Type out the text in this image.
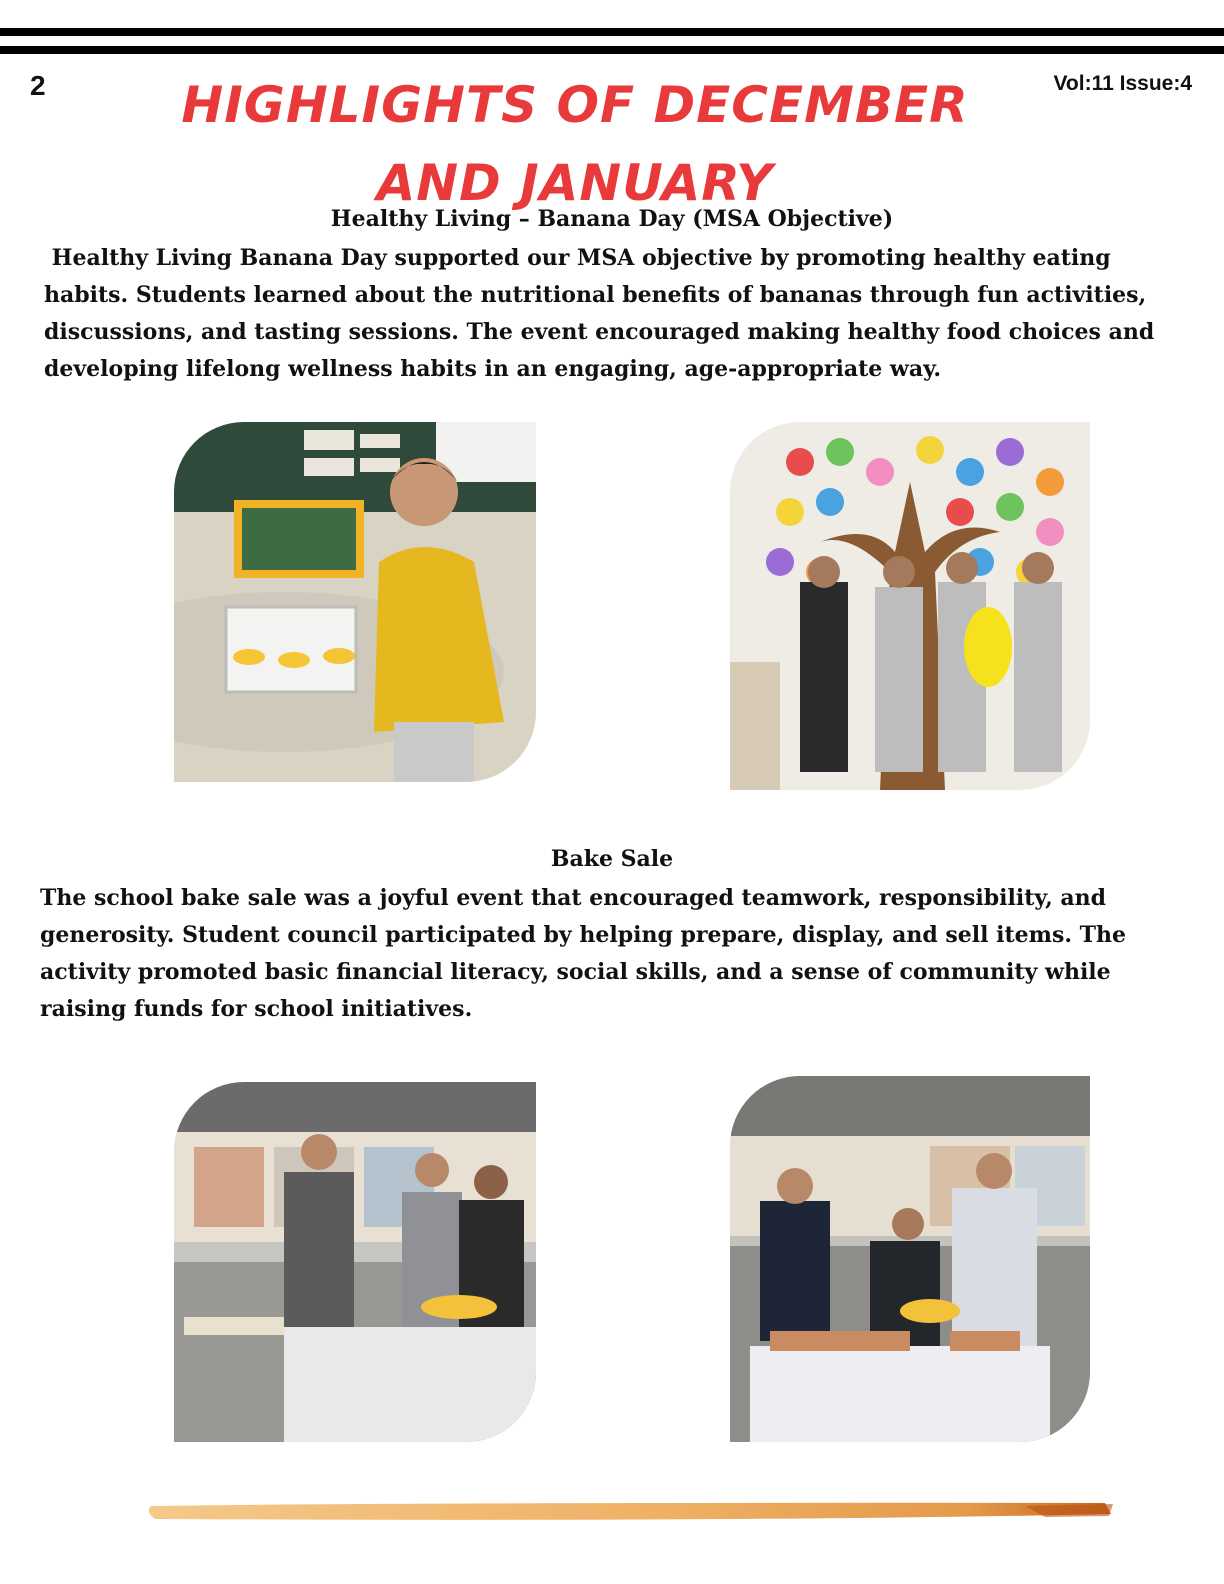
2	Vol:11 Issue:4
HIGHLIGHTS OF DECEMBER AND JANUARY
Healthy Living – Banana Day (MSA Objective)

Healthy Living Banana Day supported our MSA objective by promoting healthy eating habits. Students learned about the nutritional benefits of bananas through fun activities, discussions, and tasting sessions. The event encouraged making healthy food choices and developing lifelong wellness habits in an engaging, age-appropriate way.

Bake Sale

The school bake sale was a joyful event that encouraged teamwork, responsibility, and generosity. Student council participated by helping prepare, display, and sell items. The activity promoted basic financial literacy, social skills, and a sense of community while raising funds for school initiatives.
